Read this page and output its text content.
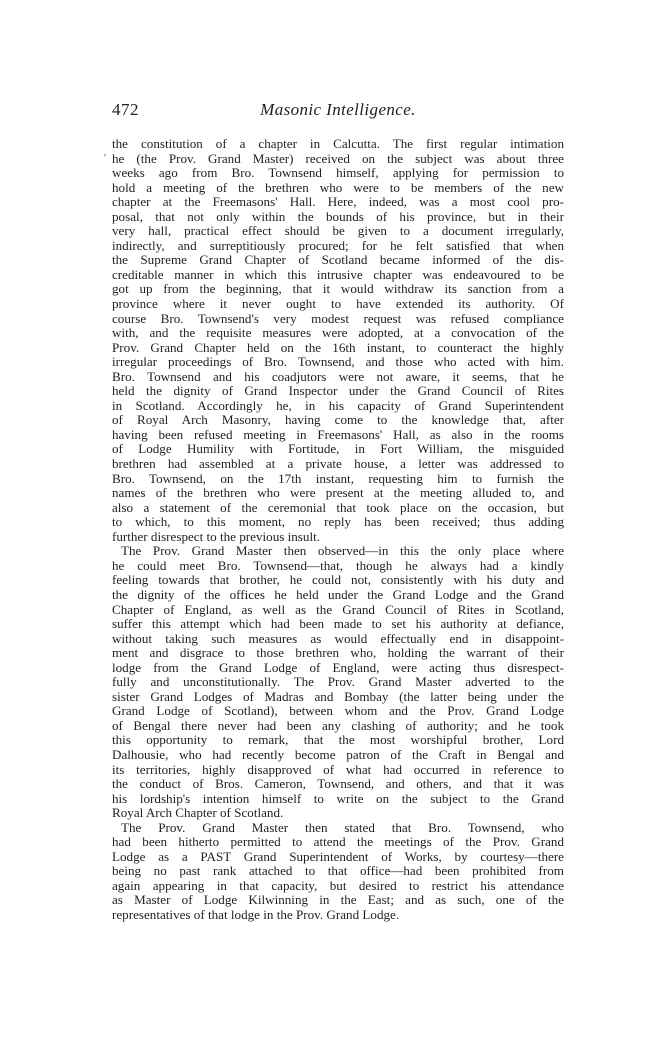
472	Masonic Intelligence.
'
the constitution of a chapter in Calcutta. The first regular intimation
he (the Prov. Grand Master) received on the subject was about three
weeks ago from Bro. Townsend himself, applying for permission to
hold a meeting of the brethren who were to be members of the new
chapter at the Freemasons' Hall. Here, indeed, was a most cool pro-
posal, that not only within the bounds of his province, but in their
very hall, practical effect should be given to a document irregularly,
indirectly, and surreptitiously procured; for he felt satisfied that when
the Supreme Grand Chapter of Scotland became informed of the dis-
creditable manner in which this intrusive chapter was endeavoured to be
got up from the beginning, that it would withdraw its sanction from a
province where it never ought to have extended its authority. Of
course Bro. Townsend's very modest request was refused compliance
with, and the requisite measures were adopted, at a convocation of the
Prov. Grand Chapter held on the 16th instant, to counteract the highly
irregular proceedings of Bro. Townsend, and those who acted with him.
Bro. Townsend and his coadjutors were not aware, it seems, that he
held the dignity of Grand Inspector under the Grand Council of Rites
in Scotland. Accordingly he, in his capacity of Grand Superintendent
of Royal Arch Masonry, having come to the knowledge that, after
having been refused meeting in Freemasons' Hall, as also in the rooms
of Lodge Humility with Fortitude, in Fort William, the misguided
brethren had assembled at a private house, a letter was addressed to
Bro. Townsend, on the 17th instant, requesting him to furnish the
names of the brethren who were present at the meeting alluded to, and
also a statement of the ceremonial that took place on the occasion, but
to which, to this moment, no reply has been received; thus adding
further disrespect to the previous insult.
The Prov. Grand Master then observed—in this the only place where
he could meet Bro. Townsend—that, though he always had a kindly
feeling towards that brother, he could not, consistently with his duty and
the dignity of the offices he held under the Grand Lodge and the Grand
Chapter of England, as well as the Grand Council of Rites in Scotland,
suffer this attempt which had been made to set his authority at defiance,
without taking such measures as would effectually end in disappoint-
ment and disgrace to those brethren who, holding the warrant of their
lodge from the Grand Lodge of England, were acting thus disrespect-
fully and unconstitutionally. The Prov. Grand Master adverted to the
sister Grand Lodges of Madras and Bombay (the latter being under the
Grand Lodge of Scotland), between whom and the Prov. Grand Lodge
of Bengal there never had been any clashing of authority; and he took
this opportunity to remark, that the most worshipful brother, Lord
Dalhousie, who had recently become patron of the Craft in Bengal and
its territories, highly disapproved of what had occurred in reference to
the conduct of Bros. Cameron, Townsend, and others, and that it was
his lordship's intention himself to write on the subject to the Grand
Royal Arch Chapter of Scotland.
The Prov. Grand Master then stated that Bro. Townsend, who
had been hitherto permitted to attend the meetings of the Prov. Grand
Lodge as a PAST Grand Superintendent of Works, by courtesy—there
being no past rank attached to that office—had been prohibited from
again appearing in that capacity, but desired to restrict his attendance
as Master of Lodge Kilwinning in the East; and as such, one of the
representatives of that lodge in the Prov. Grand Lodge.
